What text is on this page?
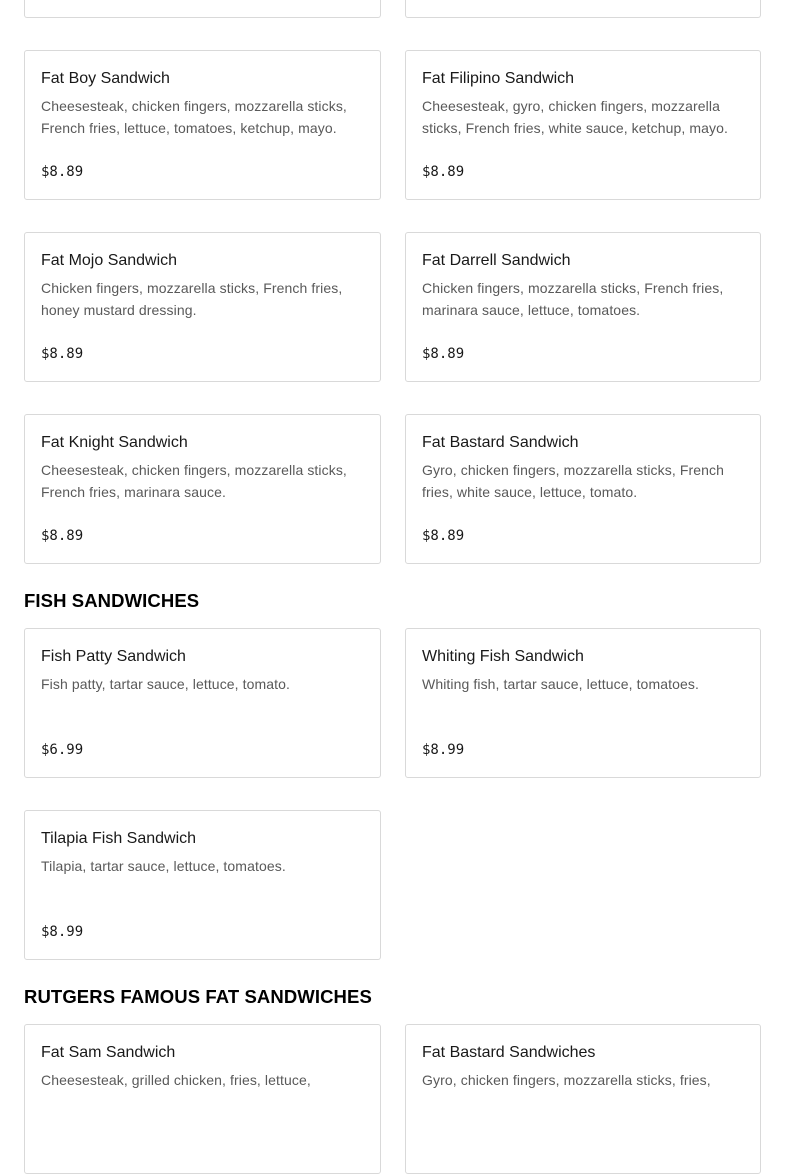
Fat Boy Sandwich
Cheesesteak, chicken fingers, mozzarella sticks, French fries, lettuce, tomatoes, ketchup, mayo.
$8.89
Fat Filipino Sandwich
Cheesesteak, gyro, chicken fingers, mozzarella sticks, French fries, white sauce, ketchup, mayo.
$8.89
Fat Mojo Sandwich
Chicken fingers, mozzarella sticks, French fries, honey mustard dressing.
$8.89
Fat Darrell Sandwich
Chicken fingers, mozzarella sticks, French fries, marinara sauce, lettuce, tomatoes.
$8.89
Fat Knight Sandwich
Cheesesteak, chicken fingers, mozzarella sticks, French fries, marinara sauce.
$8.89
Fat Bastard Sandwich
Gyro, chicken fingers, mozzarella sticks, French fries, white sauce, lettuce, tomato.
$8.89
FISH SANDWICHES
Fish Patty Sandwich
Fish patty, tartar sauce, lettuce, tomato.
$6.99
Whiting Fish Sandwich
Whiting fish, tartar sauce, lettuce, tomatoes.
$8.99
Tilapia Fish Sandwich
Tilapia, tartar sauce, lettuce, tomatoes.
$8.99
RUTGERS FAMOUS FAT SANDWICHES
Fat Sam Sandwich
Cheesesteak, grilled chicken, fries, lettuce,
Fat Bastard Sandwiches
Gyro, chicken fingers, mozzarella sticks, fries,
